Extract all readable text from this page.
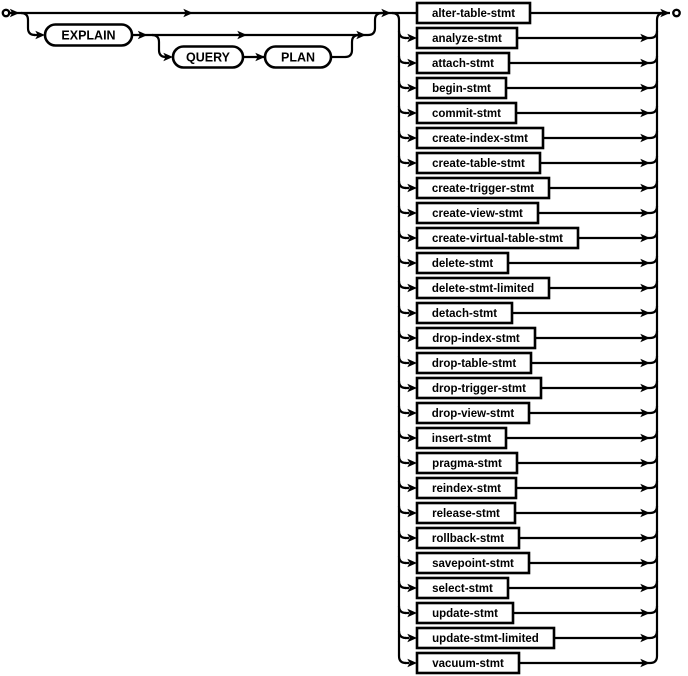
EXPLAIN
QUERY	PLAN
alter-table-stmt
analyze-stmt
attach-stmt
begin-stmt
commit-stmt
create-index-stmt
create-table-stmt
create-trigger-stmt
create-view-stmt
create-virtual-table-stmt
delete-stmt
delete-stmt-limited
detach-stmt
drop-index-stmt
drop-table-stmt
drop-trigger-stmt
drop-view-stmt
insert-stmt
pragma-stmt
reindex-stmt
release-stmt
rollback-stmt
savepoint-stmt
select-stmt
update-stmt
update-stmt-limited
vacuum-stmt
